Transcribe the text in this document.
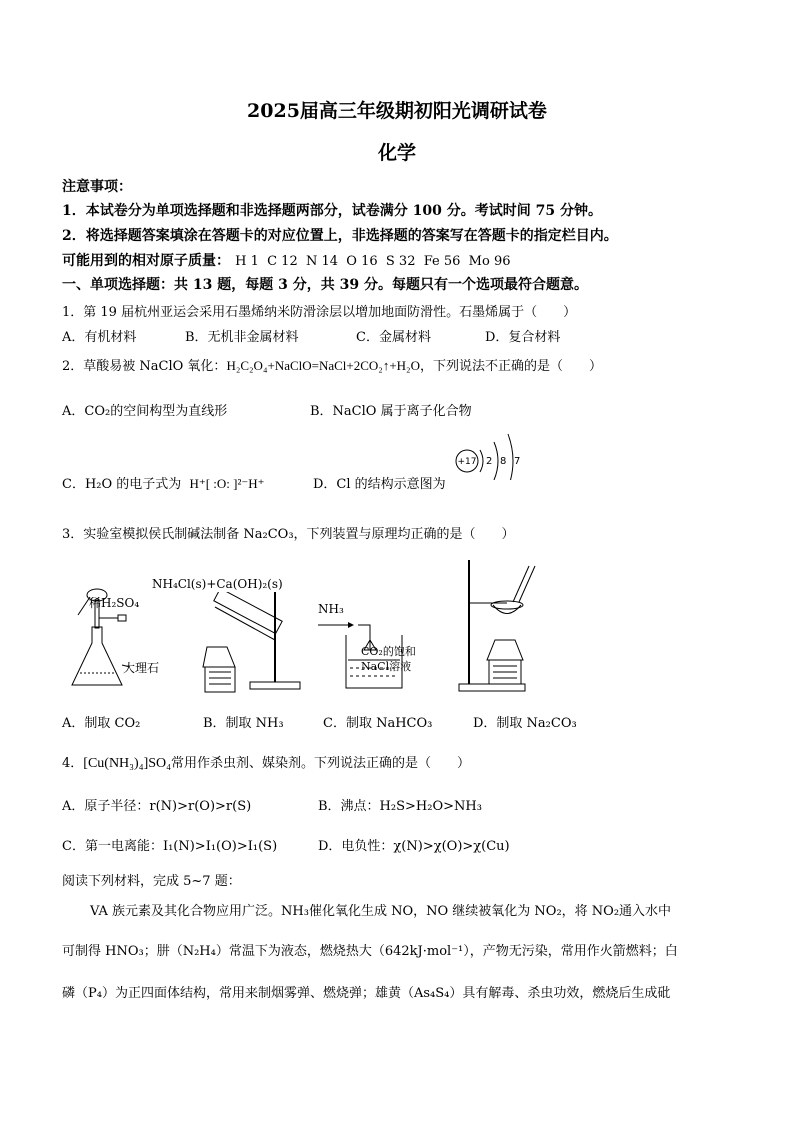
2025届高三年级期初阳光调研试卷
化学
注意事项：
1．本试卷分为单项选择题和非选择题两部分，试卷满分 100 分。考试时间 75 分钟。
2．将选择题答案填涂在答题卡的对应位置上，非选择题的答案写在答题卡的指定栏目内。
可能用到的相对原子质量： H 1  C 12  N 14  O 16  S 32  Fe 56  Mo 96
一、单项选择题：共 13 题，每题 3 分，共 39 分。每题只有一个选项最符合题意。
1．第 19 届杭州亚运会采用石墨烯纳米防滑涂层以增加地面防滑性。石墨烯属于（　　）
A．有机材料	B．无机非金属材料	C．金属材料	D．复合材料
2．草酸易被 NaClO 氧化：H₂C₂O₄+NaClO=NaCl+2CO₂↑+H₂O，下列说法不正确的是（　　）
A．CO₂的空间构型为直线形	B．NaClO 属于离子化合物
C．H₂O 的电子式为 H⁺[ :O: ]²⁻H⁺	D．Cl 的结构示意图为
+17 2 8 7
3．实验室模拟侯氏制碱法制备 Na₂CO₃，下列装置与原理均正确的是（　　）
稀H₂SO₄
大理石
NH₄Cl(s)+Ca(OH)₂(s)
NH₃
CO₂的饱和
NaCl溶液
A．制取 CO₂	B．制取 NH₃	C．制取 NaHCO₃	D．制取 Na₂CO₃
4．[Cu(NH₃)₄]SO₄常用作杀虫剂、媒染剂。下列说法正确的是（　　）
A．原子半径：r(N)>r(O)>r(S)	B．沸点：H₂S>H₂O>NH₃
C．第一电离能：I₁(N)>I₁(O)>I₁(S)	D．电负性：χ(N)>χ(O)>χ(Cu)
阅读下列材料，完成 5~7 题：
VA 族元素及其化合物应用广泛。NH₃催化氧化生成 NO，NO 继续被氧化为 NO₂，将 NO₂通入水中
可制得 HNO₃；肼（N₂H₄）常温下为液态，燃烧热大（642kJ·mol⁻¹），产物无污染，常用作火箭燃料；白
磷（P₄）为正四面体结构，常用来制烟雾弹、燃烧弹；雄黄（As₄S₄）具有解毒、杀虫功效，燃烧后生成砒
